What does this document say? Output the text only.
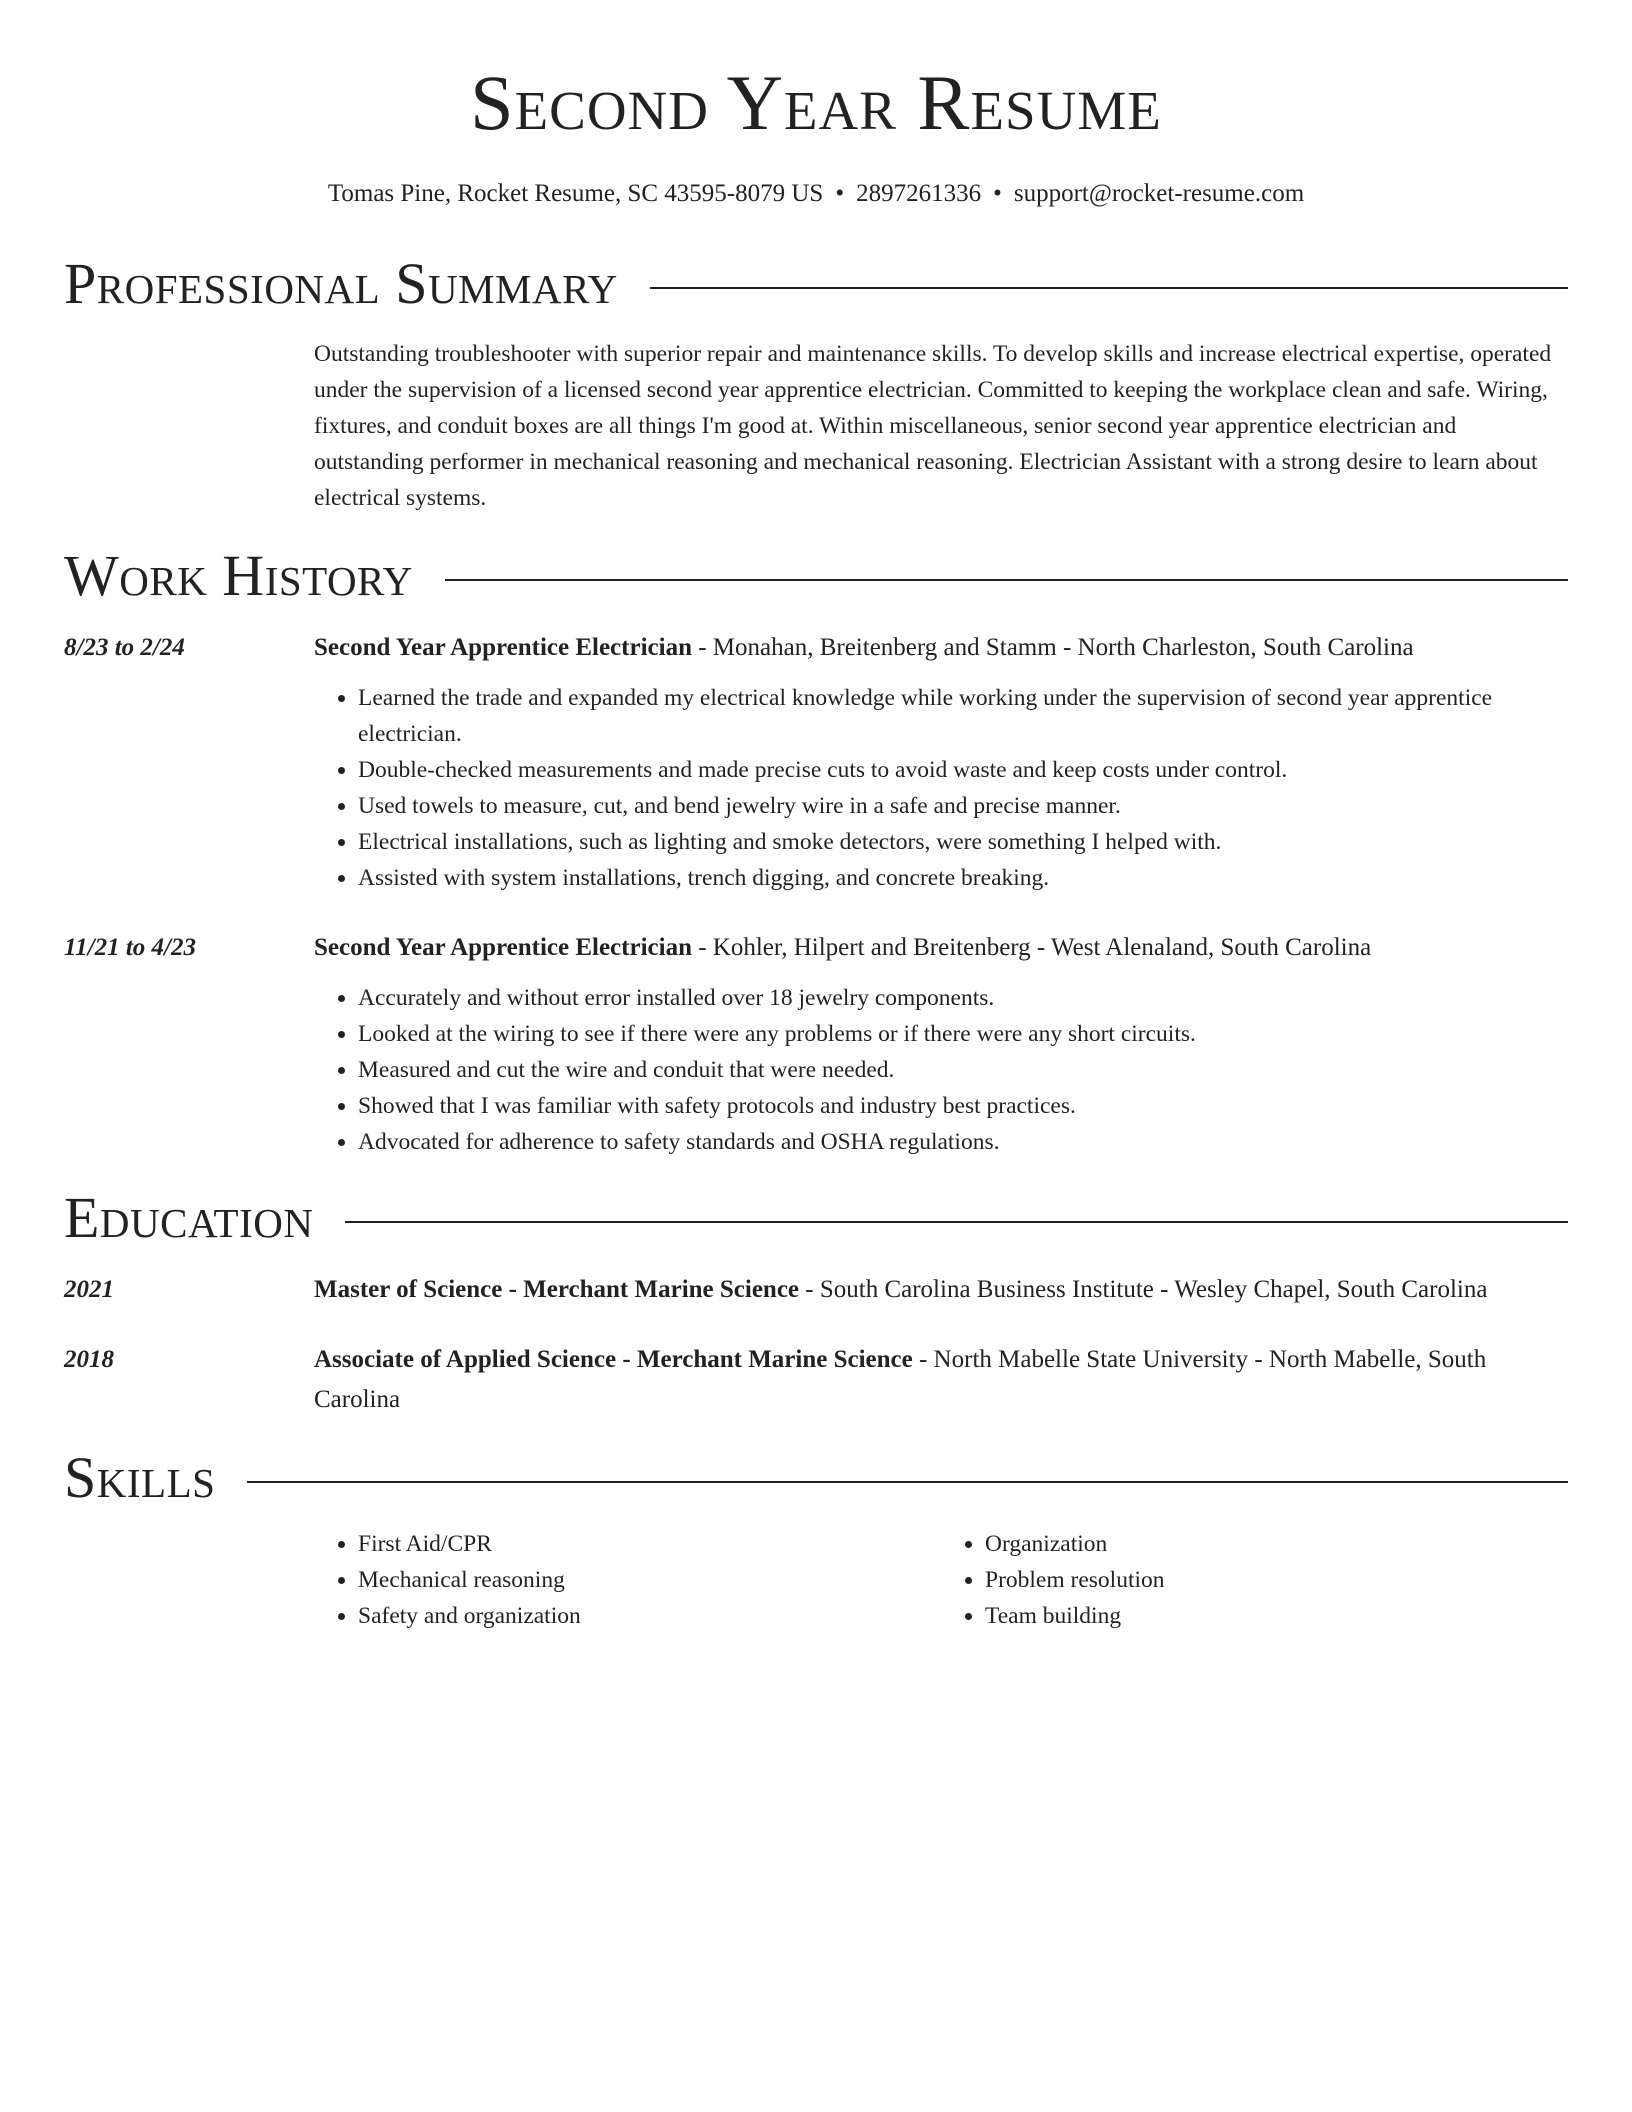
Second Year Resume
Tomas Pine, Rocket Resume, SC 43595-8079 US • 2897261336 • support@rocket-resume.com
Professional Summary
Outstanding troubleshooter with superior repair and maintenance skills. To develop skills and increase electrical expertise, operated under the supervision of a licensed second year apprentice electrician. Committed to keeping the workplace clean and safe. Wiring, fixtures, and conduit boxes are all things I'm good at. Within miscellaneous, senior second year apprentice electrician and outstanding performer in mechanical reasoning and mechanical reasoning. Electrician Assistant with a strong desire to learn about electrical systems.
Work History
8/23 to 2/24	Second Year Apprentice Electrician - Monahan, Breitenberg and Stamm - North Charleston, South Carolina
• Learned the trade and expanded my electrical knowledge while working under the supervision of second year apprentice electrician.
• Double-checked measurements and made precise cuts to avoid waste and keep costs under control.
• Used towels to measure, cut, and bend jewelry wire in a safe and precise manner.
• Electrical installations, such as lighting and smoke detectors, were something I helped with.
• Assisted with system installations, trench digging, and concrete breaking.
11/21 to 4/23	Second Year Apprentice Electrician - Kohler, Hilpert and Breitenberg - West Alenaland, South Carolina
• Accurately and without error installed over 18 jewelry components.
• Looked at the wiring to see if there were any problems or if there were any short circuits.
• Measured and cut the wire and conduit that were needed.
• Showed that I was familiar with safety protocols and industry best practices.
• Advocated for adherence to safety standards and OSHA regulations.
Education
2021	Master of Science - Merchant Marine Science - South Carolina Business Institute - Wesley Chapel, South Carolina
2018	Associate of Applied Science - Merchant Marine Science - North Mabelle State University - North Mabelle, South Carolina
Skills
• First Aid/CPR
• Mechanical reasoning
• Safety and organization
• Organization
• Problem resolution
• Team building
